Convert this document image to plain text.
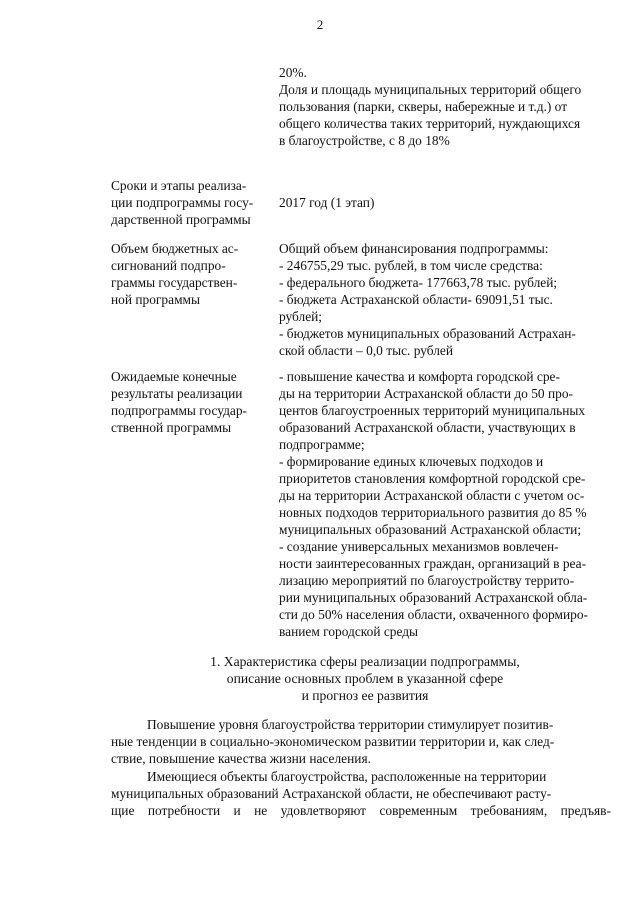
2
20%.
Доля и площадь муниципальных территорий общего
пользования (парки, скверы, набережные и т.д.) от
общего количества таких территорий, нуждающихся
в благоустройстве, с 8 до 18%
Сроки и этапы реализа-
ции подпрограммы госу-
дарственной программы
2017 год (1 этап)
Объем бюджетных ас-
сигнований подпро-
граммы государствен-
ной программы
Общий объем финансирования подпрограммы:
- 246755,29 тыс. рублей, в том числе средства:
- федерального бюджета- 177663,78 тыс. рублей;
- бюджета Астраханской области- 69091,51 тыс.
рублей;
- бюджетов муниципальных образований Астрахан-
ской области – 0,0 тыс. рублей
Ожидаемые конечные
результаты реализации
подпрограммы государ-
ственной программы
- повышение качества и комфорта городской сре-
ды на территории Астраханской области до 50 про-
центов благоустроенных территорий муниципальных
образований Астраханской области, участвующих в
подпрограмме;
- формирование единых ключевых подходов и
приоритетов становления комфортной городской сре-
ды на территории Астраханской области с учетом ос-
новных подходов территориального развития до 85 %
муниципальных образований Астраханской области;
- создание универсальных механизмов вовлечен-
ности заинтересованных граждан, организаций в реа-
лизацию мероприятий по благоустройству террито-
рии муниципальных образований Астраханской обла-
сти до 50% населения области, охваченного формиро-
ванием городской среды
1. Характеристика сферы реализации подпрограммы,
описание основных проблем в указанной сфере
и прогноз ее развития
Повышение уровня благоустройства территории стимулирует позитив-
ные тенденции в социально-экономическом развитии территории и, как след-
ствие, повышение качества жизни населения.
Имеющиеся объекты благоустройства, расположенные на территории
муниципальных образований Астраханской области, не обеспечивают расту-
щие потребности и не удовлетворяют современным требованиям, предъяв-
